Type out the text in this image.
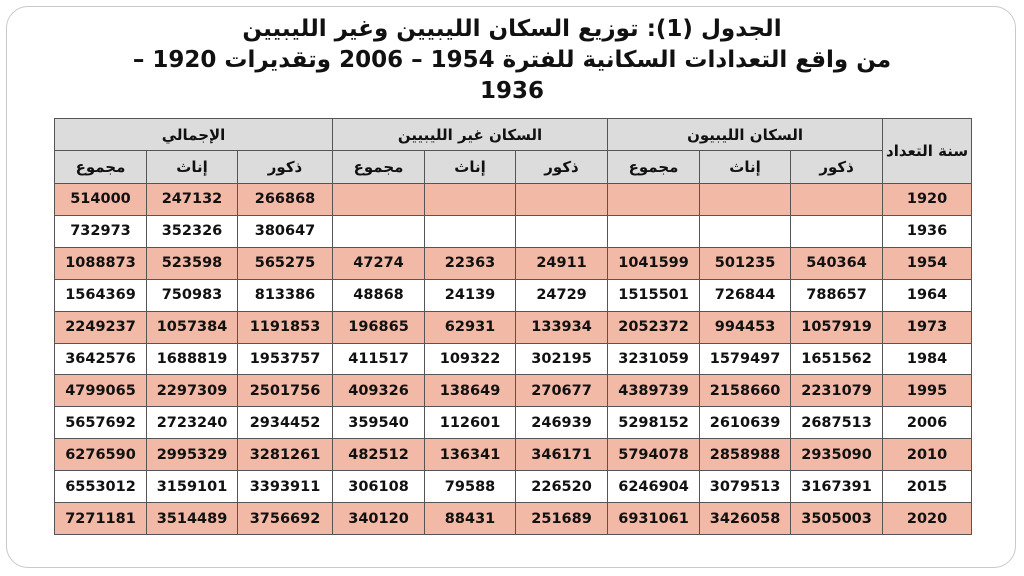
الجدول (1): توزيع السكان الليبيين وغير الليبيين
من واقع التعدادات السكانية للفترة 1954 – 2006 وتقديرات 1920 –
1936
الإجمالي			السكان غير الليبيين			السكان الليبيون			سنة التعداد
مجموع	إناث	ذكور	مجموع	إناث	ذكور	مجموع	إناث	ذكور	
514000	247132	266868							1920
732973	352326	380647							1936
1088873	523598	565275	47274	22363	24911	1041599	501235	540364	1954
1564369	750983	813386	48868	24139	24729	1515501	726844	788657	1964
2249237	1057384	1191853	196865	62931	133934	2052372	994453	1057919	1973
3642576	1688819	1953757	411517	109322	302195	3231059	1579497	1651562	1984
4799065	2297309	2501756	409326	138649	270677	4389739	2158660	2231079	1995
5657692	2723240	2934452	359540	112601	246939	5298152	2610639	2687513	2006
6276590	2995329	3281261	482512	136341	346171	5794078	2858988	2935090	2010
6553012	3159101	3393911	306108	79588	226520	6246904	3079513	3167391	2015
7271181	3514489	3756692	340120	88431	251689	6931061	3426058	3505003	2020
